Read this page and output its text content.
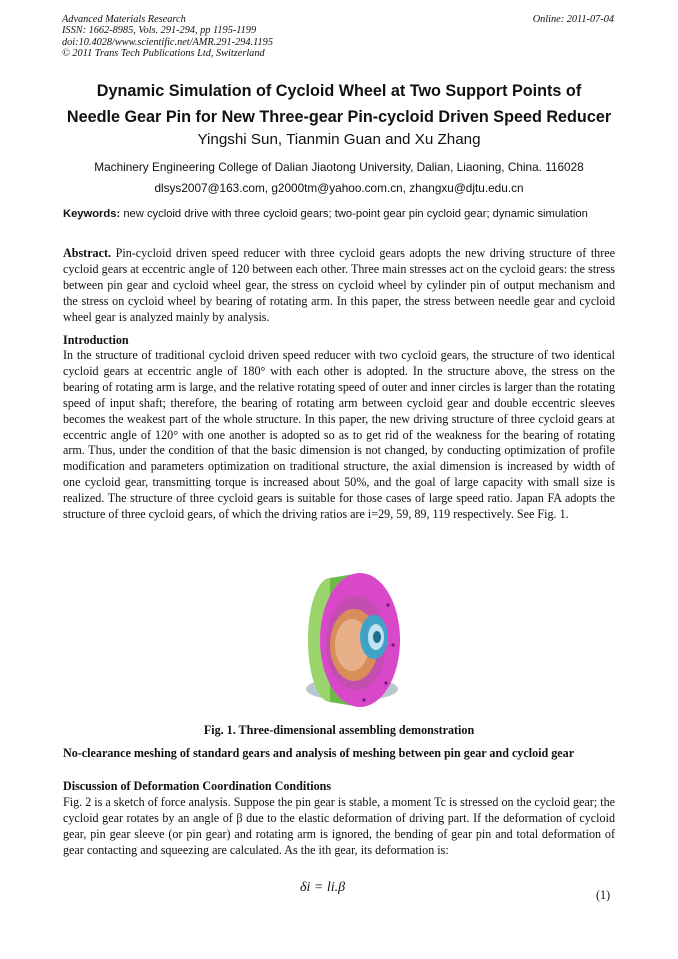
Advanced Materials Research
ISSN: 1662-8985, Vols. 291-294, pp 1195-1199
doi:10.4028/www.scientific.net/AMR.291-294.1195
© 2011 Trans Tech Publications Ltd, Switzerland
Online: 2011-07-04
Dynamic Simulation of Cycloid Wheel at Two Support Points of
Needle Gear Pin for New Three-gear Pin-cycloid Driven Speed Reducer
Yingshi Sun, Tianmin Guan and Xu Zhang
Machinery Engineering College of Dalian Jiaotong University, Dalian, Liaoning, China. 116028
dlsys2007@163.com, g2000tm@yahoo.com.cn, zhangxu@djtu.edu.cn
Keywords: new cycloid drive with three cycloid gears; two-point gear pin cycloid gear; dynamic simulation
Abstract. Pin-cycloid driven speed reducer with three cycloid gears adopts the new driving structure of three cycloid gears at eccentric angle of 120 between each other. Three main stresses act on the cycloid gears: the stress between pin gear and cycloid wheel gear, the stress on cycloid wheel by cylinder pin of output mechanism and the stress on cycloid wheel by bearing of rotating arm. In this paper, the stress between needle gear and cycloid wheel gear is analyzed mainly by analysis.
Introduction
In the structure of traditional cycloid driven speed reducer with two cycloid gears, the structure of two identical cycloid gears at eccentric angle of 180° with each other is adopted. In the structure above, the stress on the bearing of rotating arm is large, and the relative rotating speed of outer and inner circles is larger than the rotating speed of input shaft; therefore, the bearing of rotating arm between cycloid gear and double eccentric sleeves becomes the weakest part of the whole structure. In this paper, the new driving structure of three cycloid gears at eccentric angle of 120° with one another is adopted so as to get rid of the weakness for the bearing of rotating arm. Thus, under the condition of that the basic dimension is not changed, by conducting optimization of profile modification and parameters optimization on traditional structure, the axial dimension is increased by width of one cycloid gear, transmitting torque is increased about 50%, and the goal of large capacity with small size is realized. The structure of three cycloid gears is suitable for those cases of large speed ratio. Japan FA adopts the structure of three cycloid gears, of which the driving ratios are i=29, 59, 89, 119 respectively. See Fig. 1.
Fig. 1. Three-dimensional assembling demonstration
No-clearance meshing of standard gears and analysis of meshing between pin gear and cycloid gear
Discussion of Deformation Coordination Conditions
Fig. 2 is a sketch of force analysis. Suppose the pin gear is stable, a moment Tc is stressed on the cycloid gear; the cycloid gear rotates by an angle of β due to the elastic deformation of driving part. If the deformation of cycloid gear, pin gear sleeve (or pin gear) and rotating arm is ignored, the bending of gear pin and total deformation of gear contacting and squeezing are calculated. As the ith gear, its deformation is:
δi = li.β	(1)
